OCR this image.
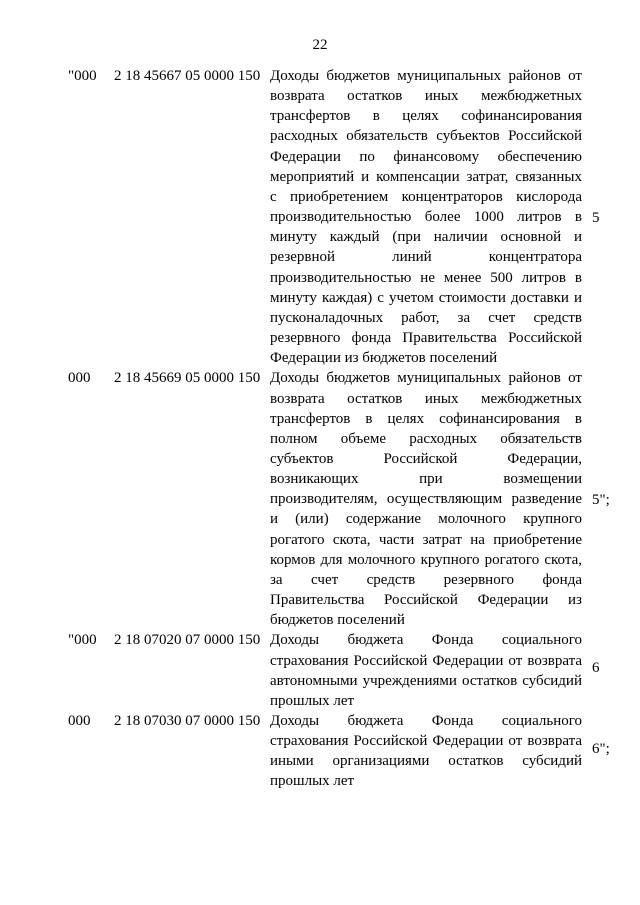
22
"000 2 18 45667 05 0000 150 Доходы бюджетов муниципальных районов от
возврата остатков иных межбюджетных
трансфертов в целях софинансирования
расходных обязательств субъектов Российской
Федерации по финансовому обеспечению
мероприятий и компенсации затрат, связанных
с приобретением концентраторов кислорода
производительностью более 1000 литров в
минуту каждый (при наличии основной и
резервной линий концентратора
производительностью не менее 500 литров в
минуту каждая) с учетом стоимости доставки и
пусконаладочных работ, за счет средств
резервного фонда Правительства Российской
Федерации из бюджетов поселений
5
000 2 18 45669 05 0000 150 Доходы бюджетов муниципальных районов от
возврата остатков иных межбюджетных
трансфертов в целях софинансирования в
полном объеме расходных обязательств
субъектов Российской Федерации,
возникающих при возмещении
производителям, осуществляющим разведение
и (или) содержание молочного крупного
рогатого скота, части затрат на приобретение
кормов для молочного крупного рогатого скота,
за счет средств резервного фонда
Правительства Российской Федерации из
бюджетов поселений
5";
"000 2 18 07020 07 0000 150 Доходы бюджета Фонда социального
страхования Российской Федерации от возврата
автономными учреждениями остатков субсидий
прошлых лет
6
000 2 18 07030 07 0000 150 Доходы бюджета Фонда социального
страхования Российской Федерации от возврата
иными организациями остатков субсидий
прошлых лет
6";
